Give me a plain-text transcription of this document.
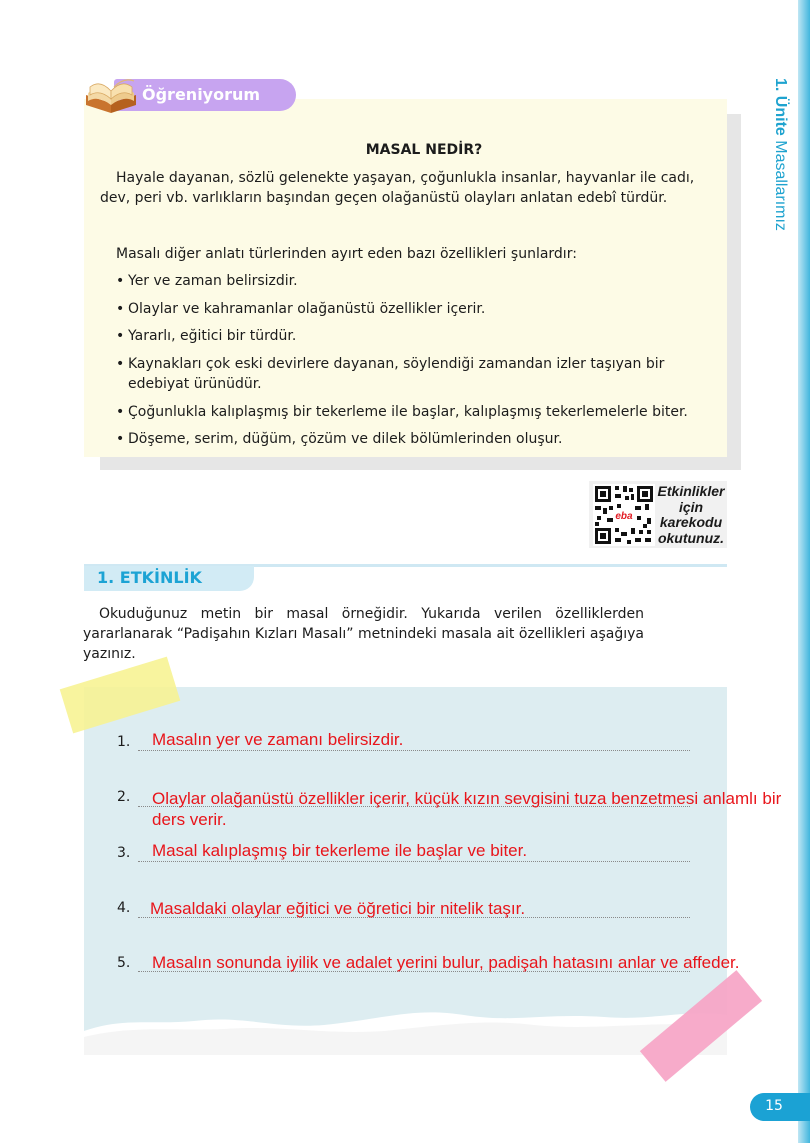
1. Ünite Masallarımız
Öğreniyorum
MASAL NEDİR?

Hayale dayanan, sözlü gelenekte yaşayan, çoğunlukla insanlar, hayvanlar ile cadı, dev, peri vb. varlıkların başından geçen olağanüstü olayları anlatan edebî türdür.

Masalı diğer anlatı türlerinden ayırt eden bazı özellikleri şunlardır:

• Yer ve zaman belirsizdir.
• Olaylar ve kahramanlar olağanüstü özellikler içerir.
• Yararlı, eğitici bir türdür.
• Kaynakları çok eski devirlere dayanan, söylendiği zamandan izler taşıyan bir edebiyat ürünüdür.
• Çoğunlukla kalıplaşmış bir tekerleme ile başlar, kalıplaşmış tekerlemelerle biter.
• Döşeme, serim, düğüm, çözüm ve dilek bölümlerinden oluşur.
eba

Etkinlikler
için
karekodu
okutunuz.

1. ETKİNLİK

Okuduğunuz metin bir masal örneğidir. Yukarıda verilen özelliklerden yararlanarak “Padişahın Kızları Masalı” metnindeki masala ait özellikleri aşağıya yazınız.

1. Masalın yer ve zamanı belirsizdir.

2. Olaylar olağanüstü özellikler içerir, küçük kızın sevgisini tuza benzetmesi anlamlı bir ders verir.

3. Masal kalıplaşmış bir tekerleme ile başlar ve biter.

4. Masaldaki olaylar eğitici ve öğretici bir nitelik taşır.

5. Masalın sonunda iyilik ve adalet yerini bulur, padişah hatasını anlar ve affeder.

15
